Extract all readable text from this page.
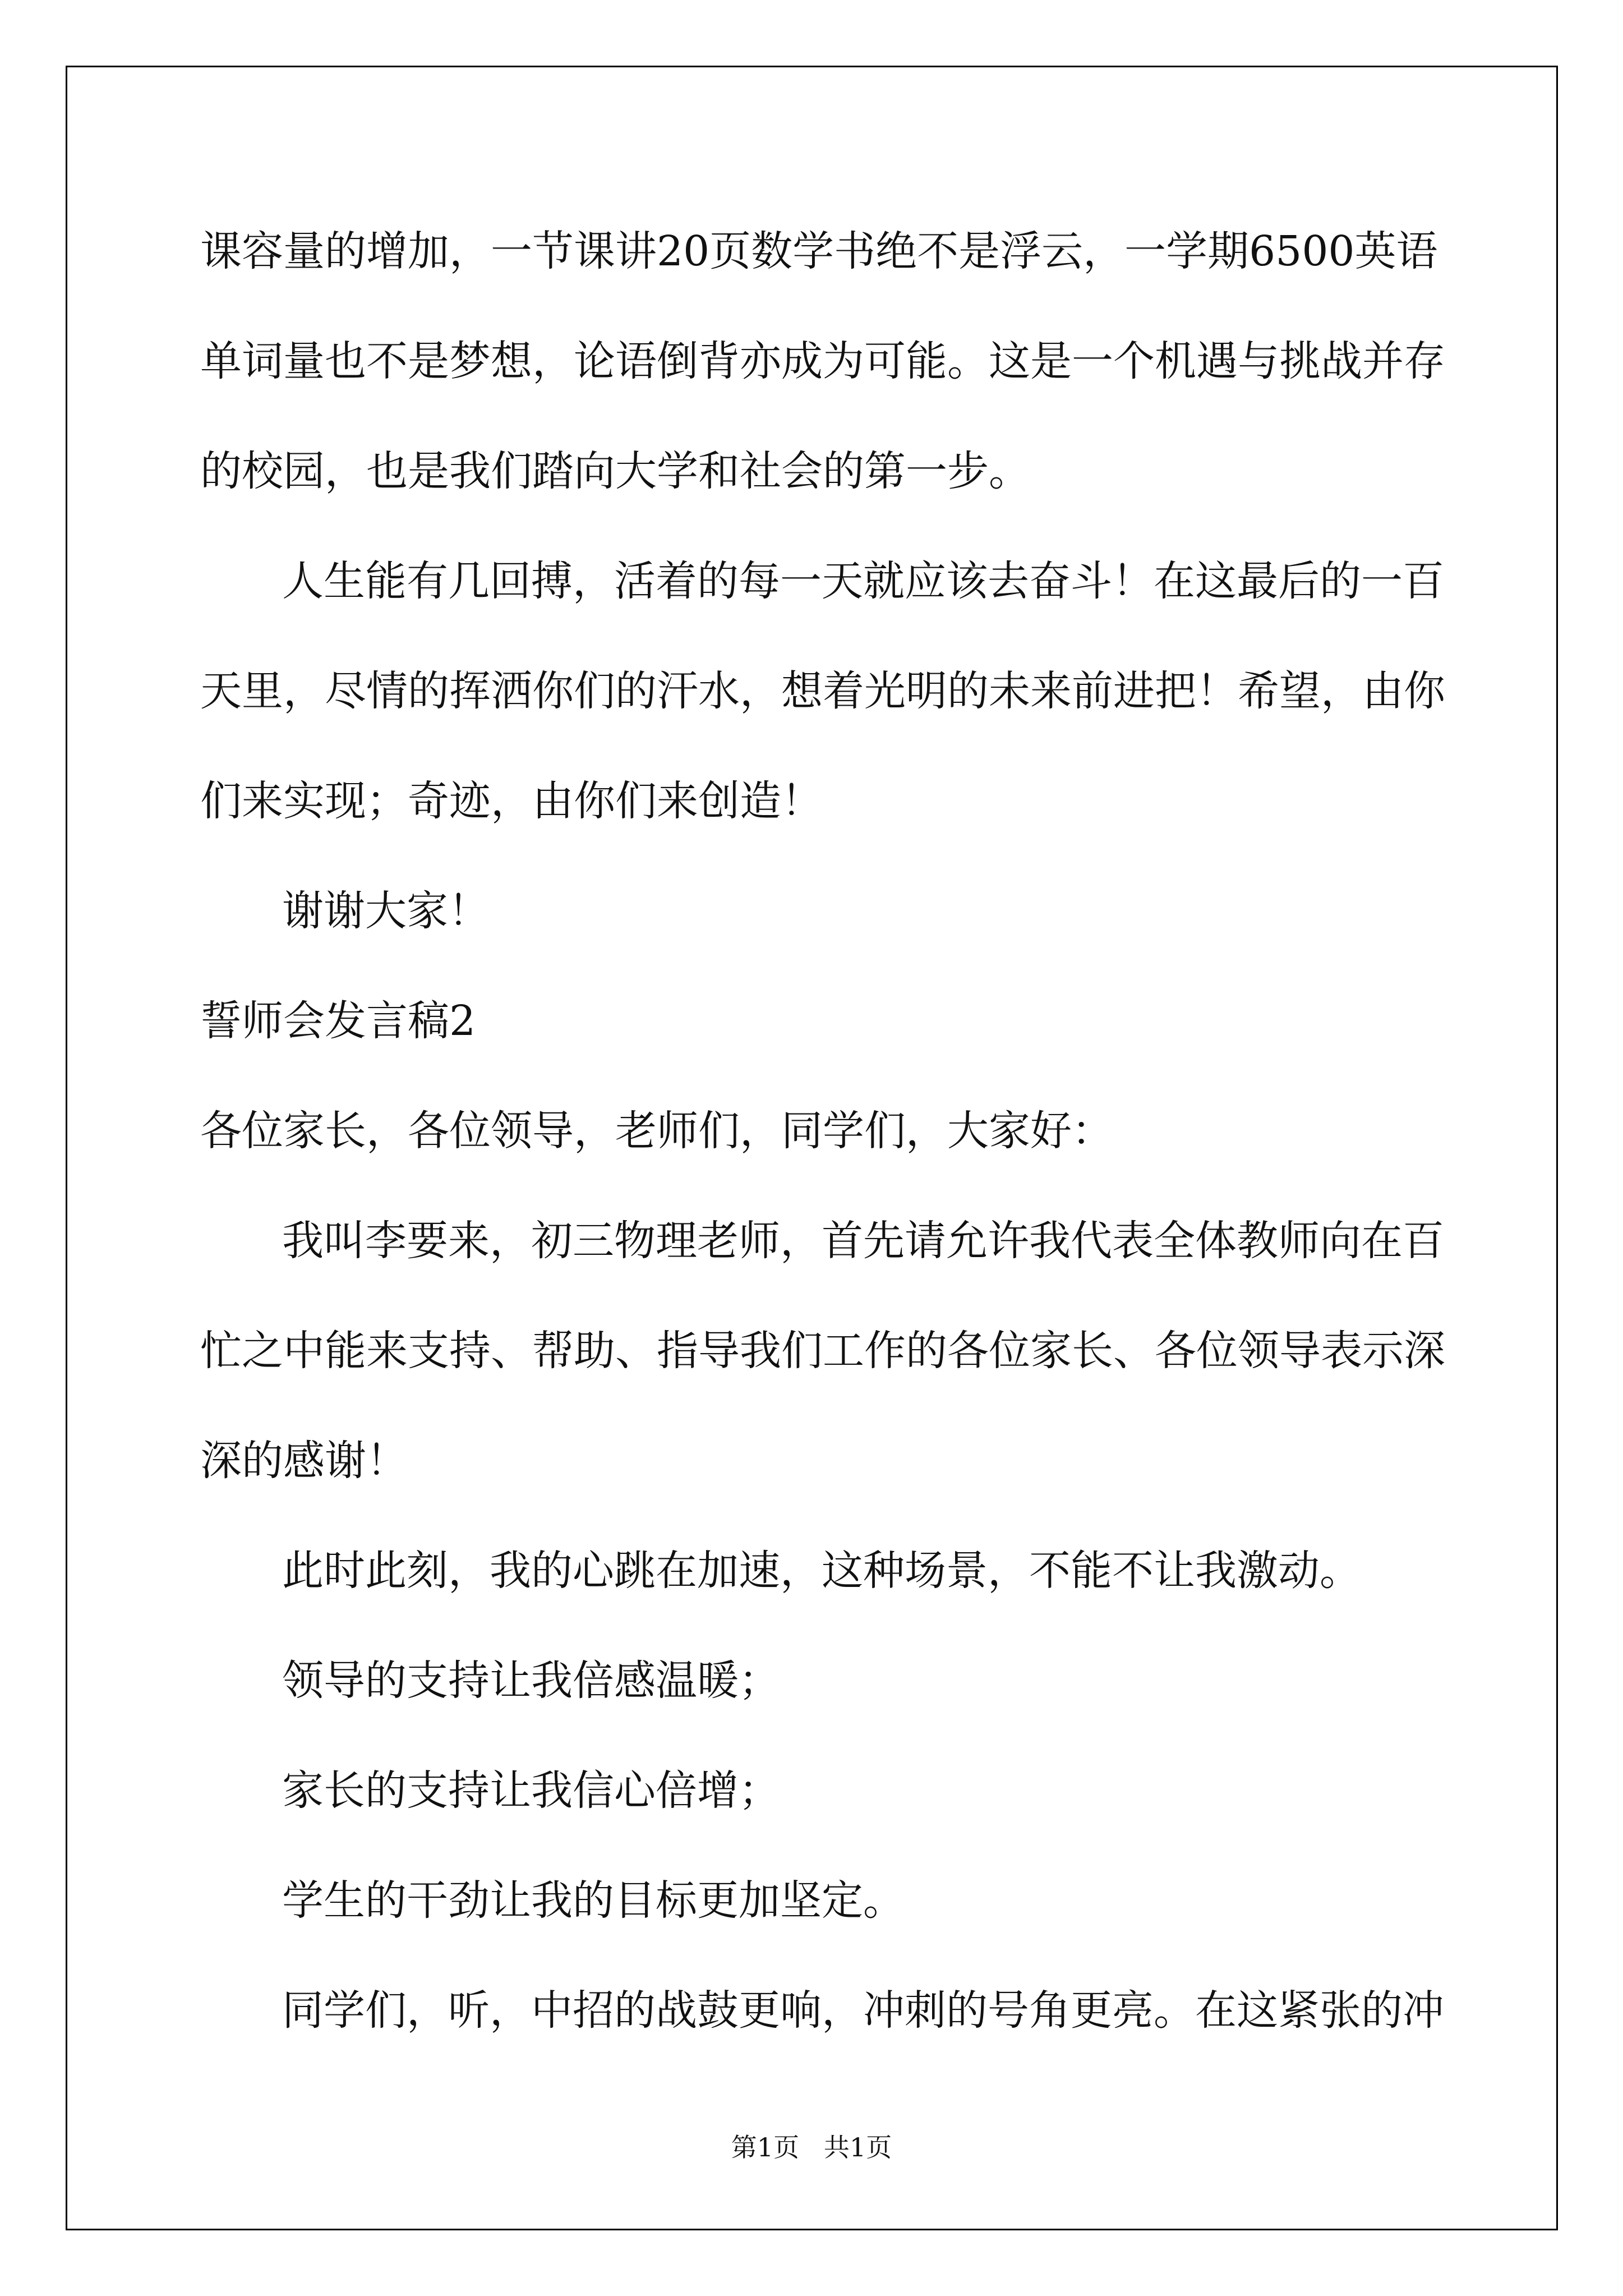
课容量的增加，一节课讲20页数学书绝不是浮云，一学期6500英语
单词量也不是梦想，论语倒背亦成为可能。这是一个机遇与挑战并存
的校园，也是我们踏向大学和社会的第一步。
人生能有几回搏，活着的每一天就应该去奋斗！在这最后的一百
天里，尽情的挥洒你们的汗水，想着光明的未来前进把！希望，由你
们来实现；奇迹，由你们来创造！
谢谢大家！
誓师会发言稿2
各位家长，各位领导，老师们，同学们，大家好：
我叫李要来，初三物理老师，首先请允许我代表全体教师向在百
忙之中能来支持、帮助、指导我们工作的各位家长、各位领导表示深
深的感谢！
此时此刻，我的心跳在加速，这种场景，不能不让我激动。
领导的支持让我倍感温暖；
家长的支持让我信心倍增；
学生的干劲让我的目标更加坚定。
同学们，听，中招的战鼓更响，冲刺的号角更亮。在这紧张的冲
第1页   共1页
